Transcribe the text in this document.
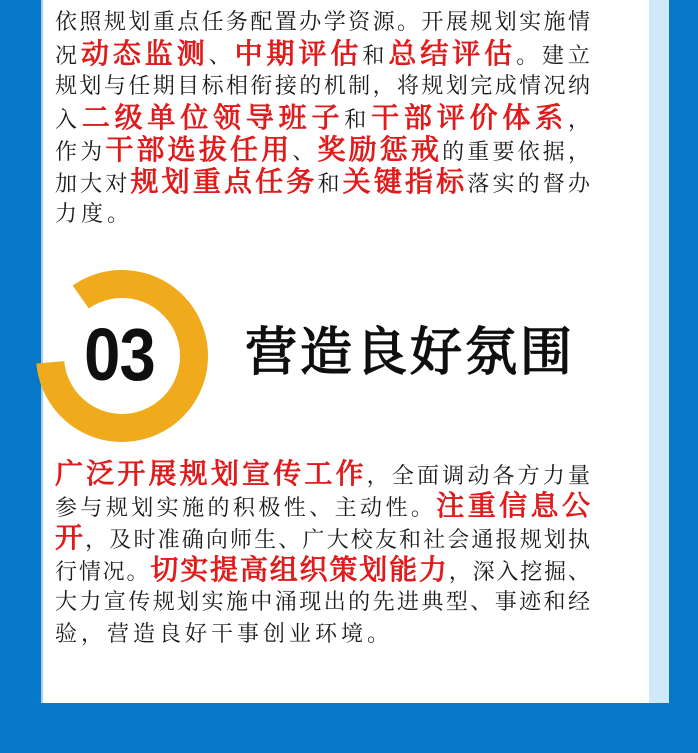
依照规划重点任务配置办学资源。开展规划实施情
况动态监测、中期评估和总结评估。建立
规划与任期目标相衔接的机制，将规划完成情况纳
入二级单位领导班子和干部评价体系，
作为干部选拔任用、奖励惩戒的重要依据，
加大对规划重点任务和关键指标落实的督办
力度。
03	营造良好氛围
广泛开展规划宣传工作，全面调动各方力量
参与规划实施的积极性、主动性。注重信息公
开，及时准确向师生、广大校友和社会通报规划执
行情况。切实提高组织策划能力，深入挖掘、
大力宣传规划实施中涌现出的先进典型、事迹和经
验，营造良好干事创业环境。
